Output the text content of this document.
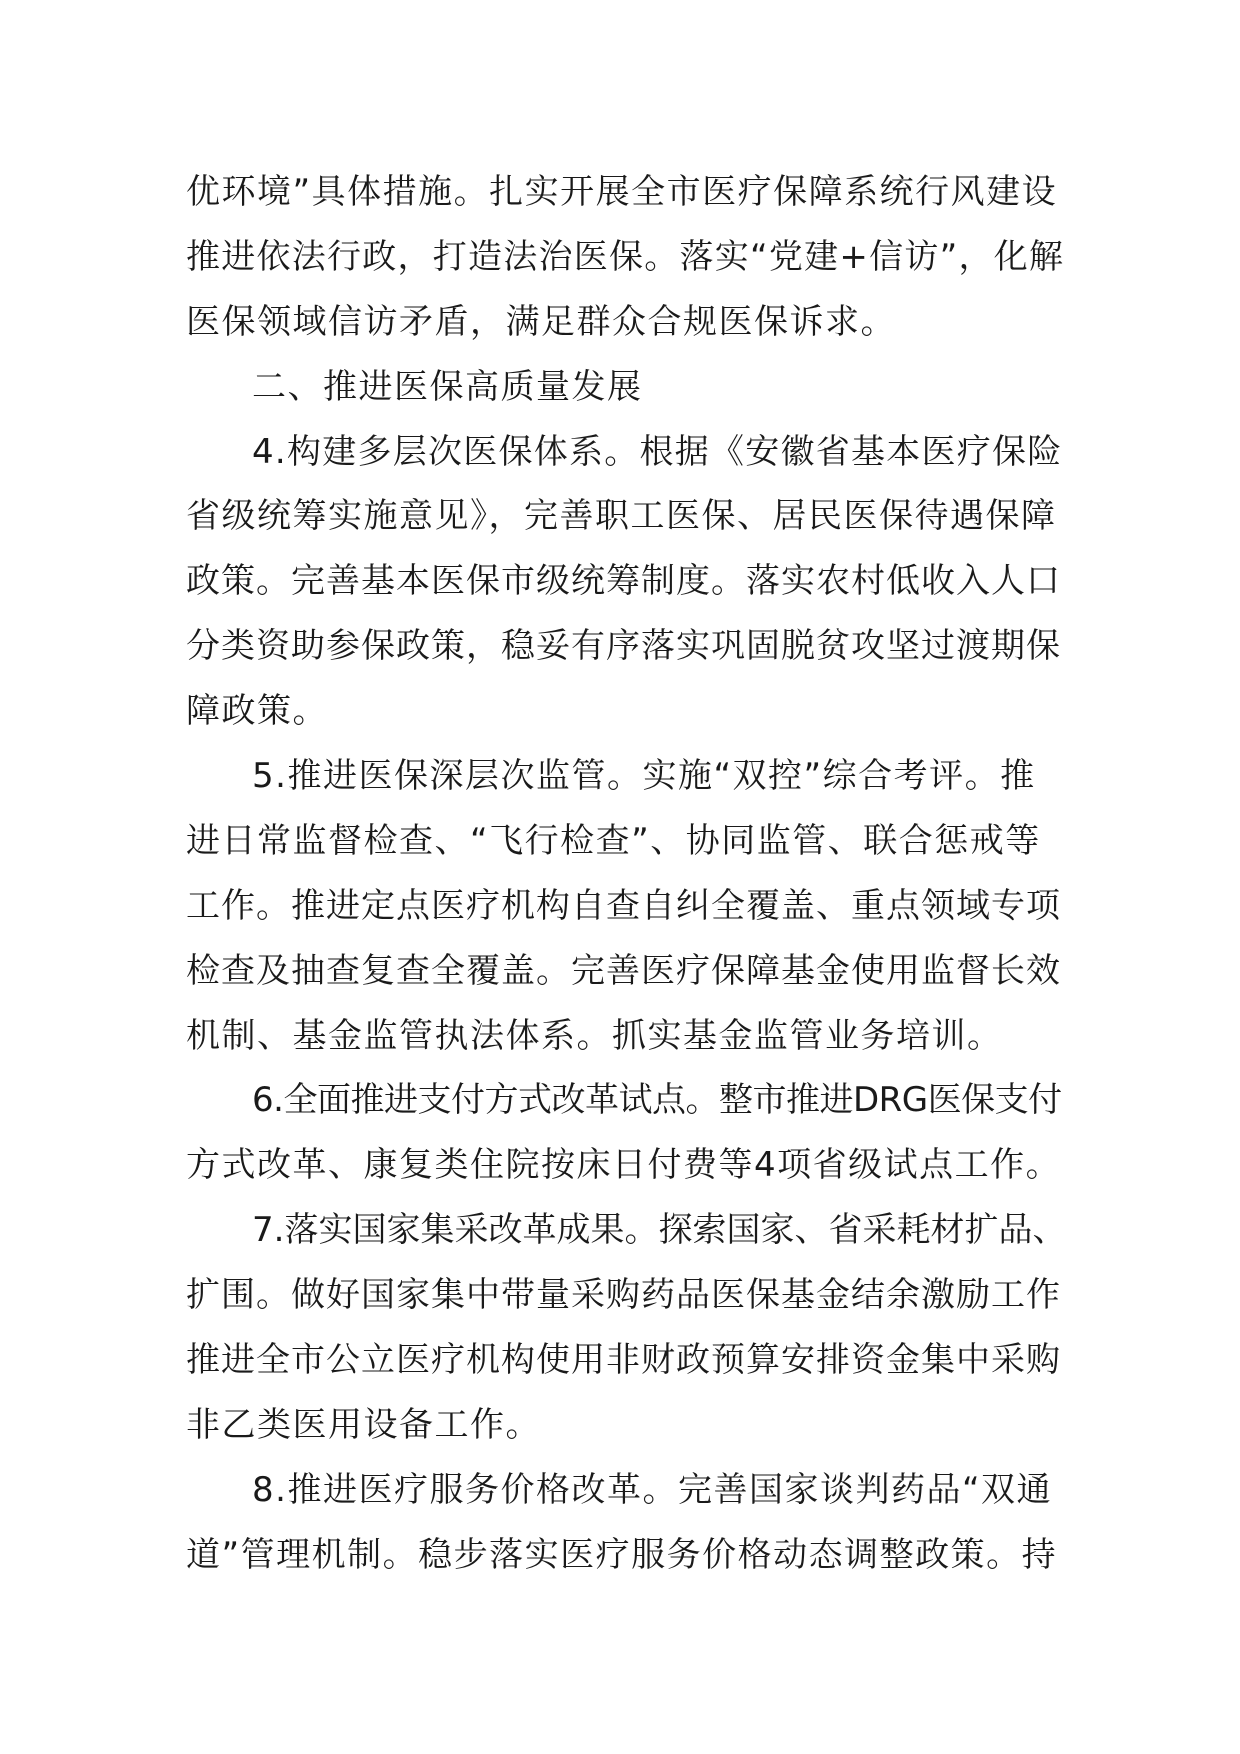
优环境”具体措施。扎实开展全市医疗保障系统行风建设
推进依法行政，打造法治医保。落实“党建+信访”，化解
医保领域信访矛盾，满足群众合规医保诉求。
二、推进医保高质量发展
4.构建多层次医保体系。根据《安徽省基本医疗保险
省级统筹实施意见》，完善职工医保、居民医保待遇保障
政策。完善基本医保市级统筹制度。落实农村低收入人口
分类资助参保政策，稳妥有序落实巩固脱贫攻坚过渡期保
障政策。
5.推进医保深层次监管。实施“双控”综合考评。推
进日常监督检查、“飞行检查”、协同监管、联合惩戒等
工作。推进定点医疗机构自查自纠全覆盖、重点领域专项
检查及抽查复查全覆盖。完善医疗保障基金使用监督长效
机制、基金监管执法体系。抓实基金监管业务培训。
6.全面推进支付方式改革试点。整市推进DRG医保支付
方式改革、康复类住院按床日付费等4项省级试点工作。
7.落实国家集采改革成果。探索国家、省采耗材扩品、
扩围。做好国家集中带量采购药品医保基金结余激励工作
推进全市公立医疗机构使用非财政预算安排资金集中采购
非乙类医用设备工作。
8.推进医疗服务价格改革。完善国家谈判药品“双通
道”管理机制。稳步落实医疗服务价格动态调整政策。持
